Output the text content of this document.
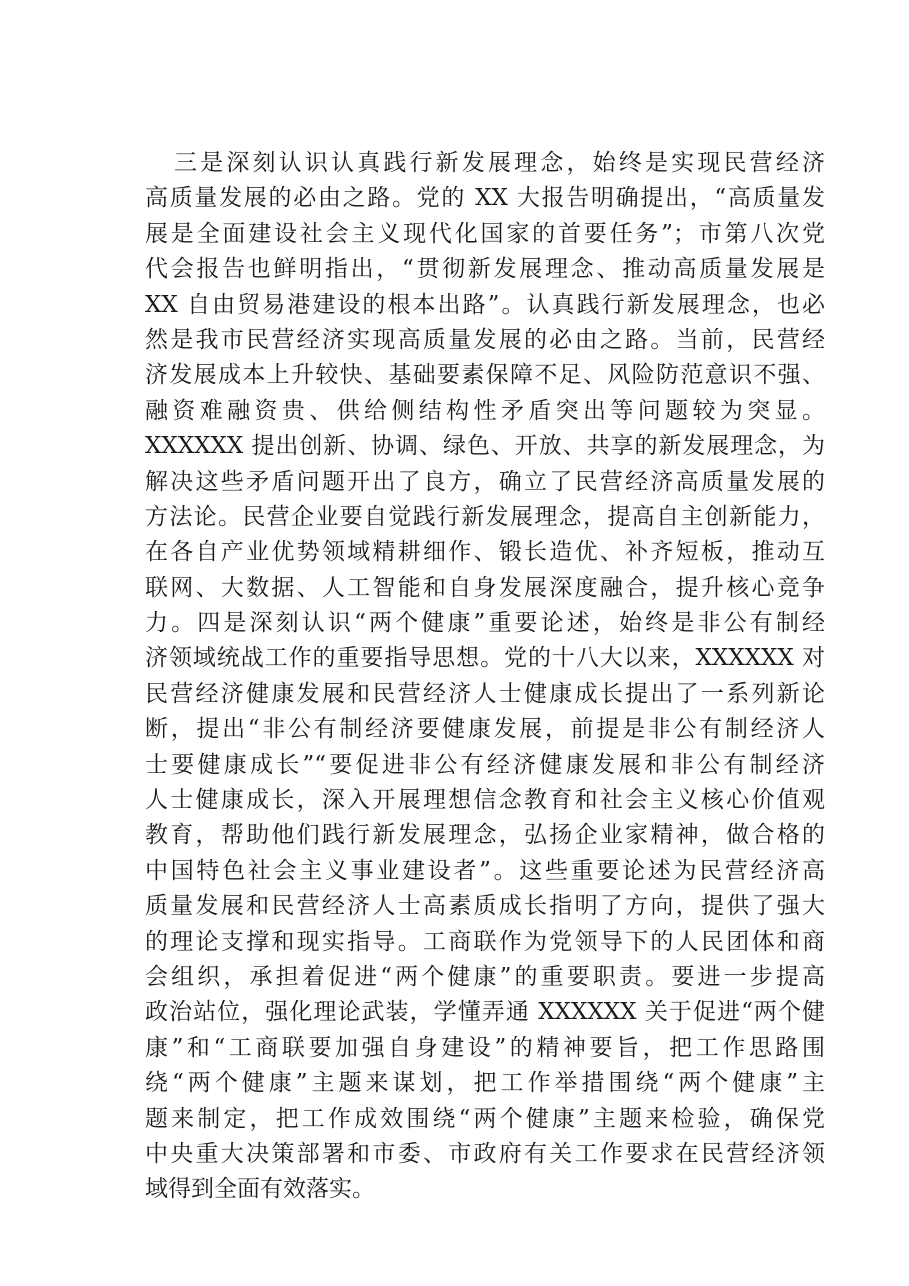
三是深刻认识认真践行新发展理念，始终是实现民营经济
高质量发展的必由之路。党的 XX 大报告明确提出，“高质量发
展是全面建设社会主义现代化国家的首要任务”；市第八次党
代会报告也鲜明指出，“贯彻新发展理念、推动高质量发展是
XX 自由贸易港建设的根本出路”。认真践行新发展理念，也必
然是我市民营经济实现高质量发展的必由之路。当前，民营经
济发展成本上升较快、基础要素保障不足、风险防范意识不强、
融资难融资贵、供给侧结构性矛盾突出等问题较为突显。
XXXXXX 提出创新、协调、绿色、开放、共享的新发展理念，为
解决这些矛盾问题开出了良方，确立了民营经济高质量发展的
方法论。民营企业要自觉践行新发展理念，提高自主创新能力，
在各自产业优势领域精耕细作、锻长造优、补齐短板，推动互
联网、大数据、人工智能和自身发展深度融合，提升核心竞争
力。四是深刻认识“两个健康”重要论述，始终是非公有制经
济领域统战工作的重要指导思想。党的十八大以来，XXXXXX 对
民营经济健康发展和民营经济人士健康成长提出了一系列新论
断，提出“非公有制经济要健康发展，前提是非公有制经济人
士要健康成长”“要促进非公有经济健康发展和非公有制经济
人士健康成长，深入开展理想信念教育和社会主义核心价值观
教育，帮助他们践行新发展理念，弘扬企业家精神，做合格的
中国特色社会主义事业建设者”。这些重要论述为民营经济高
质量发展和民营经济人士高素质成长指明了方向，提供了强大
的理论支撑和现实指导。工商联作为党领导下的人民团体和商
会组织，承担着促进“两个健康”的重要职责。要进一步提高
政治站位，强化理论武装，学懂弄通 XXXXXX 关于促进“两个健
康”和“工商联要加强自身建设”的精神要旨，把工作思路围
绕“两个健康”主题来谋划，把工作举措围绕“两个健康”主
题来制定，把工作成效围绕“两个健康”主题来检验，确保党
中央重大决策部署和市委、市政府有关工作要求在民营经济领
域得到全面有效落实。
